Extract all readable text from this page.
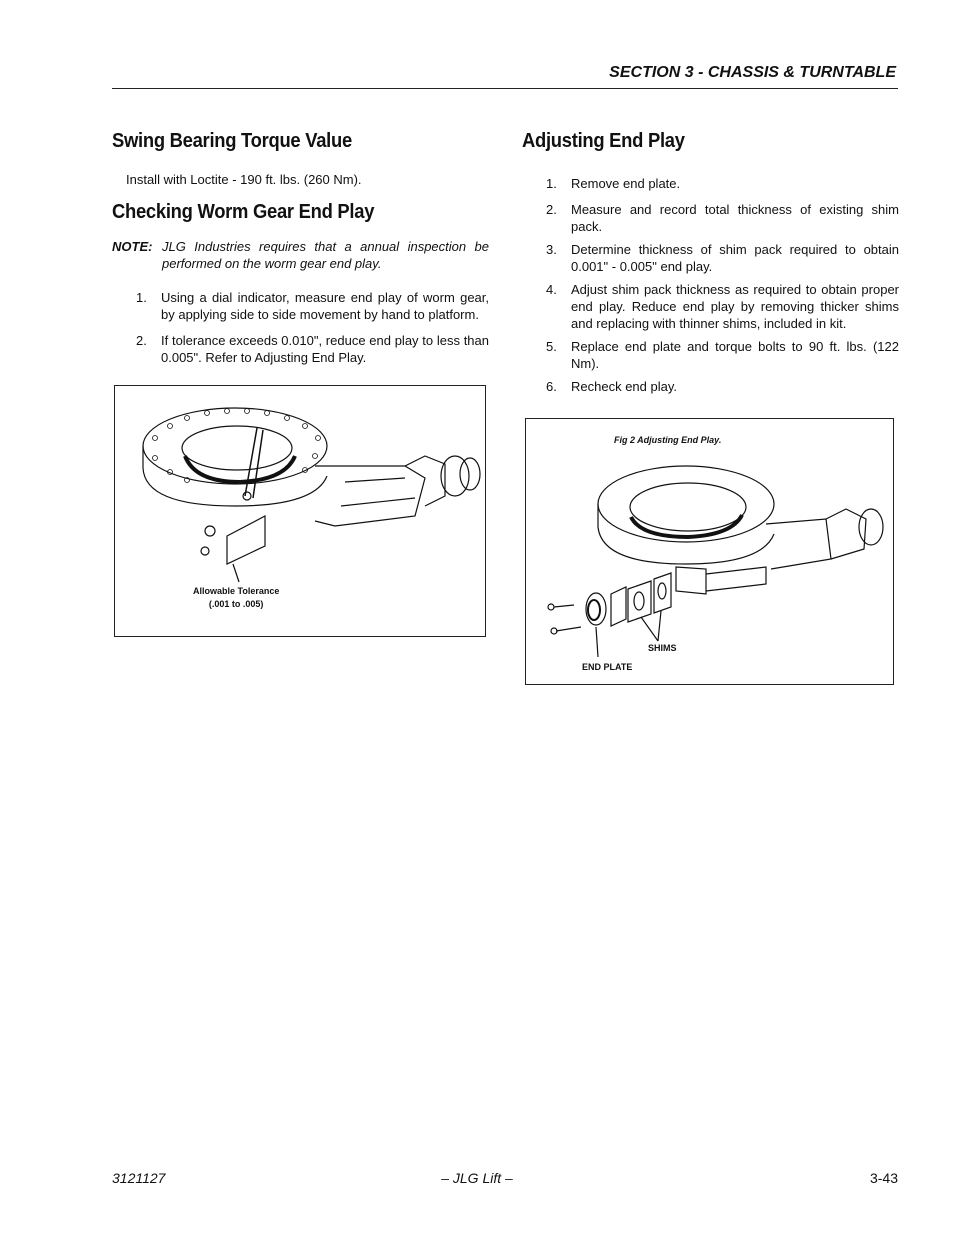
SECTION 3 - CHASSIS & TURNTABLE
Swing Bearing Torque Value

Install with Loctite - 190 ft. lbs. (260 Nm).

Checking Worm Gear End Play
NOTE: JLG Industries requires that a annual inspection be performed on the worm gear end play.
1.	Using a dial indicator, measure end play of worm gear, by applying side to side movement by hand to platform.
2.	If tolerance exceeds 0.010", reduce end play to less than 0.005". Refer to Adjusting End Play.
Allowable Tolerance
(.001 to .005)
Adjusting End Play
1.	Remove end plate.
2.	Measure and record total thickness of existing shim pack.
3.	Determine thickness of shim pack required to obtain 0.001" - 0.005" end play.
4.	Adjust shim pack thickness as required to obtain proper end play. Reduce end play by removing thicker shims and replacing with thinner shims, included in kit.
5.	Replace end plate and torque bolts to 90 ft. lbs. (122 Nm).
6.	Recheck end play.
Fig 2 Adjusting End Play.
SHIMS
END PLATE
3121127	– JLG Lift –	3-43
